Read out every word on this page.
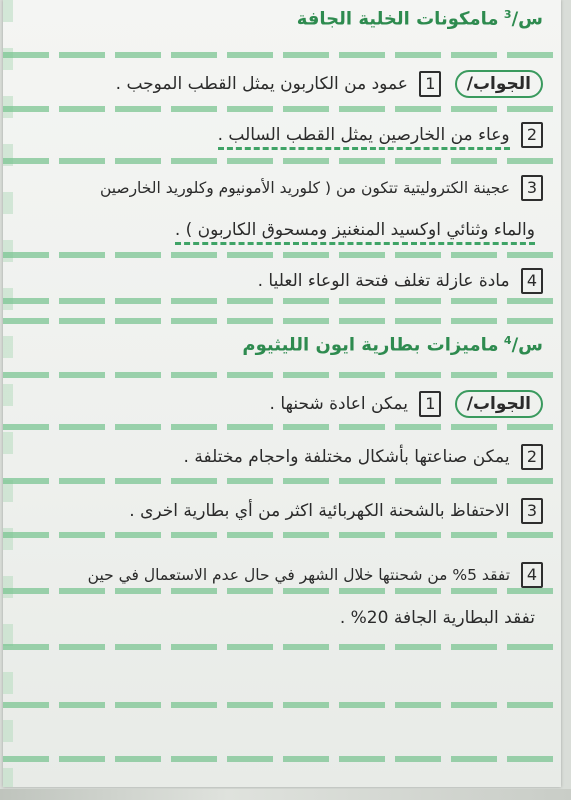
س/$^3$ مامكونات الخلية الجافة
الجواب/ 1 عمود من الكاربون يمثل القطب الموجب .
2 وعاء من الخارصين يمثل القطب السالب .
3 عجينة الكتروليتية تتكون من ( كلوريد الأمونيوم وكلوريد الخارصين
والماء وثنائي اوكسيد المنغنيز ومسحوق الكاربون ) .
4 مادة عازلة تغلف فتحة الوعاء العليا .
س/$^4$ ماميزات بطارية ايون الليثيوم
الجواب/ 1 يمكن اعادة شحنها .
2 يمكن صناعتها بأشكال مختلفة واحجام مختلفة .
3 الاحتفاظ بالشحنة الكهربائية اكثر من أي بطارية اخرى .
4 تفقد 5% من شحنتها خلال الشهر في حال عدم الاستعمال في حين
تفقد البطارية الجافة 20% .
